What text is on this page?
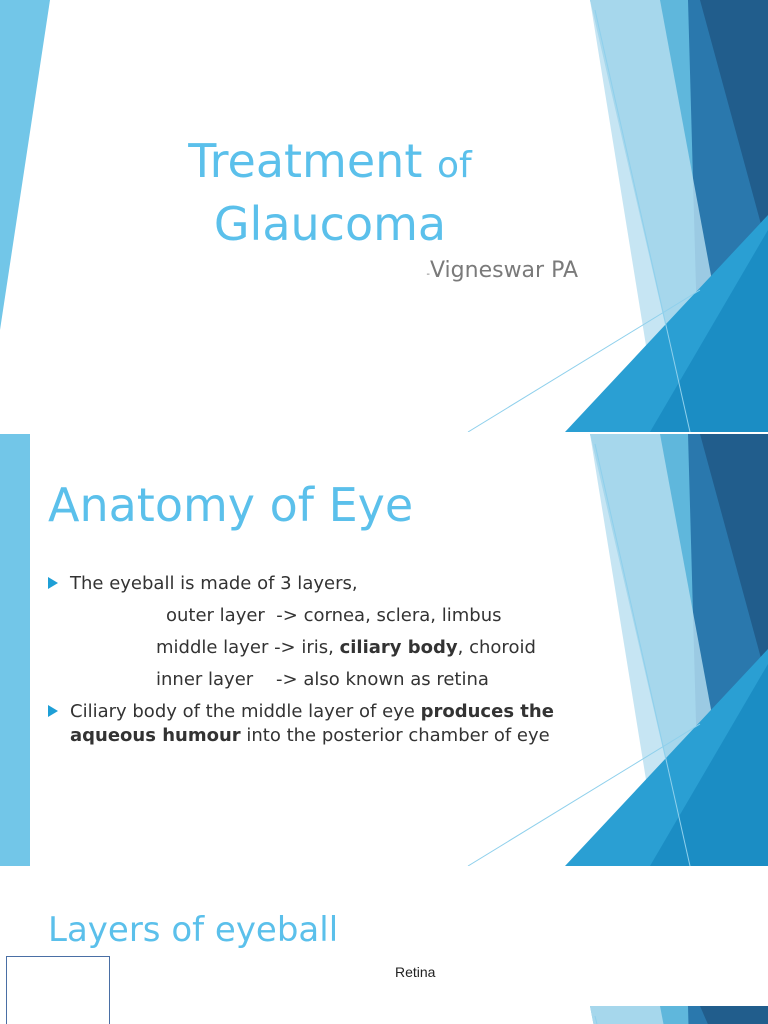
Treatment of
Glaucoma
-Vigneswar PA
Anatomy of Eye
The eyeball is made of 3 layers,
outer layer  -> cornea, sclera, limbus
middle layer -> iris, ciliary body, choroid
inner layer    -> also known as retina
Ciliary body of the middle layer of eye produces the aqueous humour into the posterior chamber of eye
Layers of eyeball
Retina
